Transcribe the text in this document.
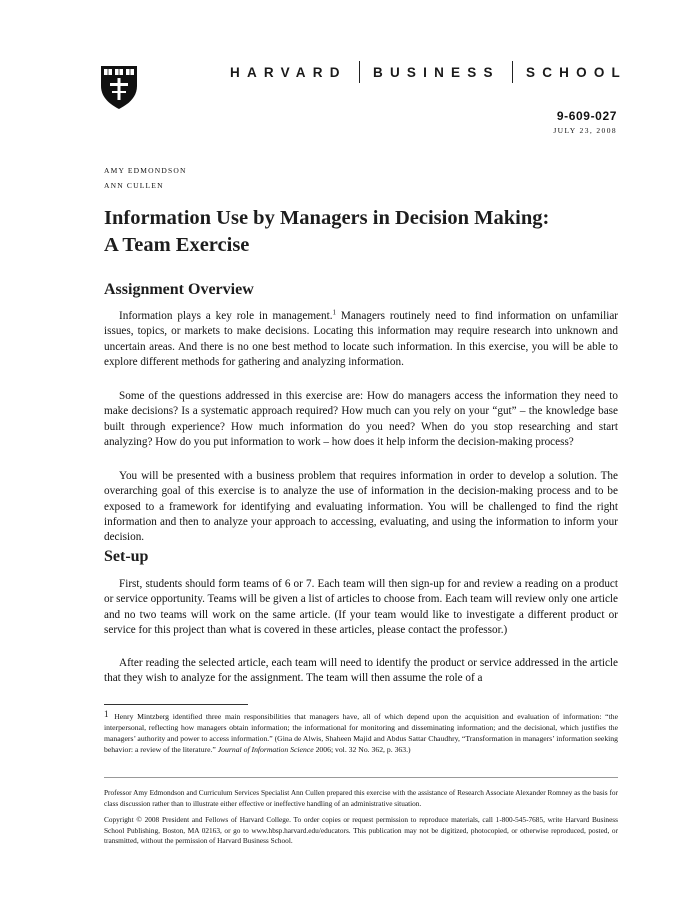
HARVARD BUSINESS SCHOOL
9-609-027
JULY 23, 2008
AMY EDMONDSON
ANN CULLEN
Information Use by Managers in Decision Making:
A Team Exercise
Assignment Overview

Information plays a key role in management.$^1$ Managers routinely need to find information on unfamiliar issues, topics, or markets to make decisions. Locating this information may require research into unknown and uncertain areas. And there is no one best method to locate such information. In this exercise, you will be able to explore different methods for gathering and analyzing information.

Some of the questions addressed in this exercise are: How do managers access the information they need to make decisions? Is a systematic approach required? How much can you rely on your “gut” – the knowledge base built through experience? How much information do you need? When do you stop researching and start analyzing? How do you put information to work – how does it help inform the decision-making process?

You will be presented with a business problem that requires information in order to develop a solution. The overarching goal of this exercise is to analyze the use of information in the decision-making process and to be exposed to a framework for identifying and evaluating information. You will be challenged to find the right information and then to analyze your approach to accessing, evaluating, and using the information to inform your decision.

Set-up

First, students should form teams of 6 or 7. Each team will then sign-up for and review a reading on a product or service opportunity. Teams will be given a list of articles to choose from. Each team will review only one article and no two teams will work on the same article. (If your team would like to investigate a different product or service for this project than what is covered in these articles, please contact the professor.)

After reading the selected article, each team will need to identify the product or service addressed in the article that they wish to analyze for the assignment. The team will then assume the role of a

1 Henry Mintzberg identified three main responsibilities that managers have, all of which depend upon the acquisition and evaluation of information: “the interpersonal, reflecting how managers obtain information; the informational for monitoring and disseminating information; and the decisional, which justifies the managers’ authority and power to access information.” (Gina de Alwis, Shaheen Majid and Abdus Sattar Chaudhry, “Transformation in managers’ information seeking behavior: a review of the literature.” Journal of Information Science 2006; vol. 32 No. 362, p. 363.)

Professor Amy Edmondson and Curriculum Services Specialist Ann Cullen prepared this exercise with the assistance of Research Associate Alexander Romney as the basis for class discussion rather than to illustrate either effective or ineffective handling of an administrative situation.

Copyright © 2008 President and Fellows of Harvard College. To order copies or request permission to reproduce materials, call 1-800-545-7685, write Harvard Business School Publishing, Boston, MA 02163, or go to www.hbsp.harvard.edu/educators. This publication may not be digitized, photocopied, or otherwise reproduced, posted, or transmitted, without the permission of Harvard Business School.
